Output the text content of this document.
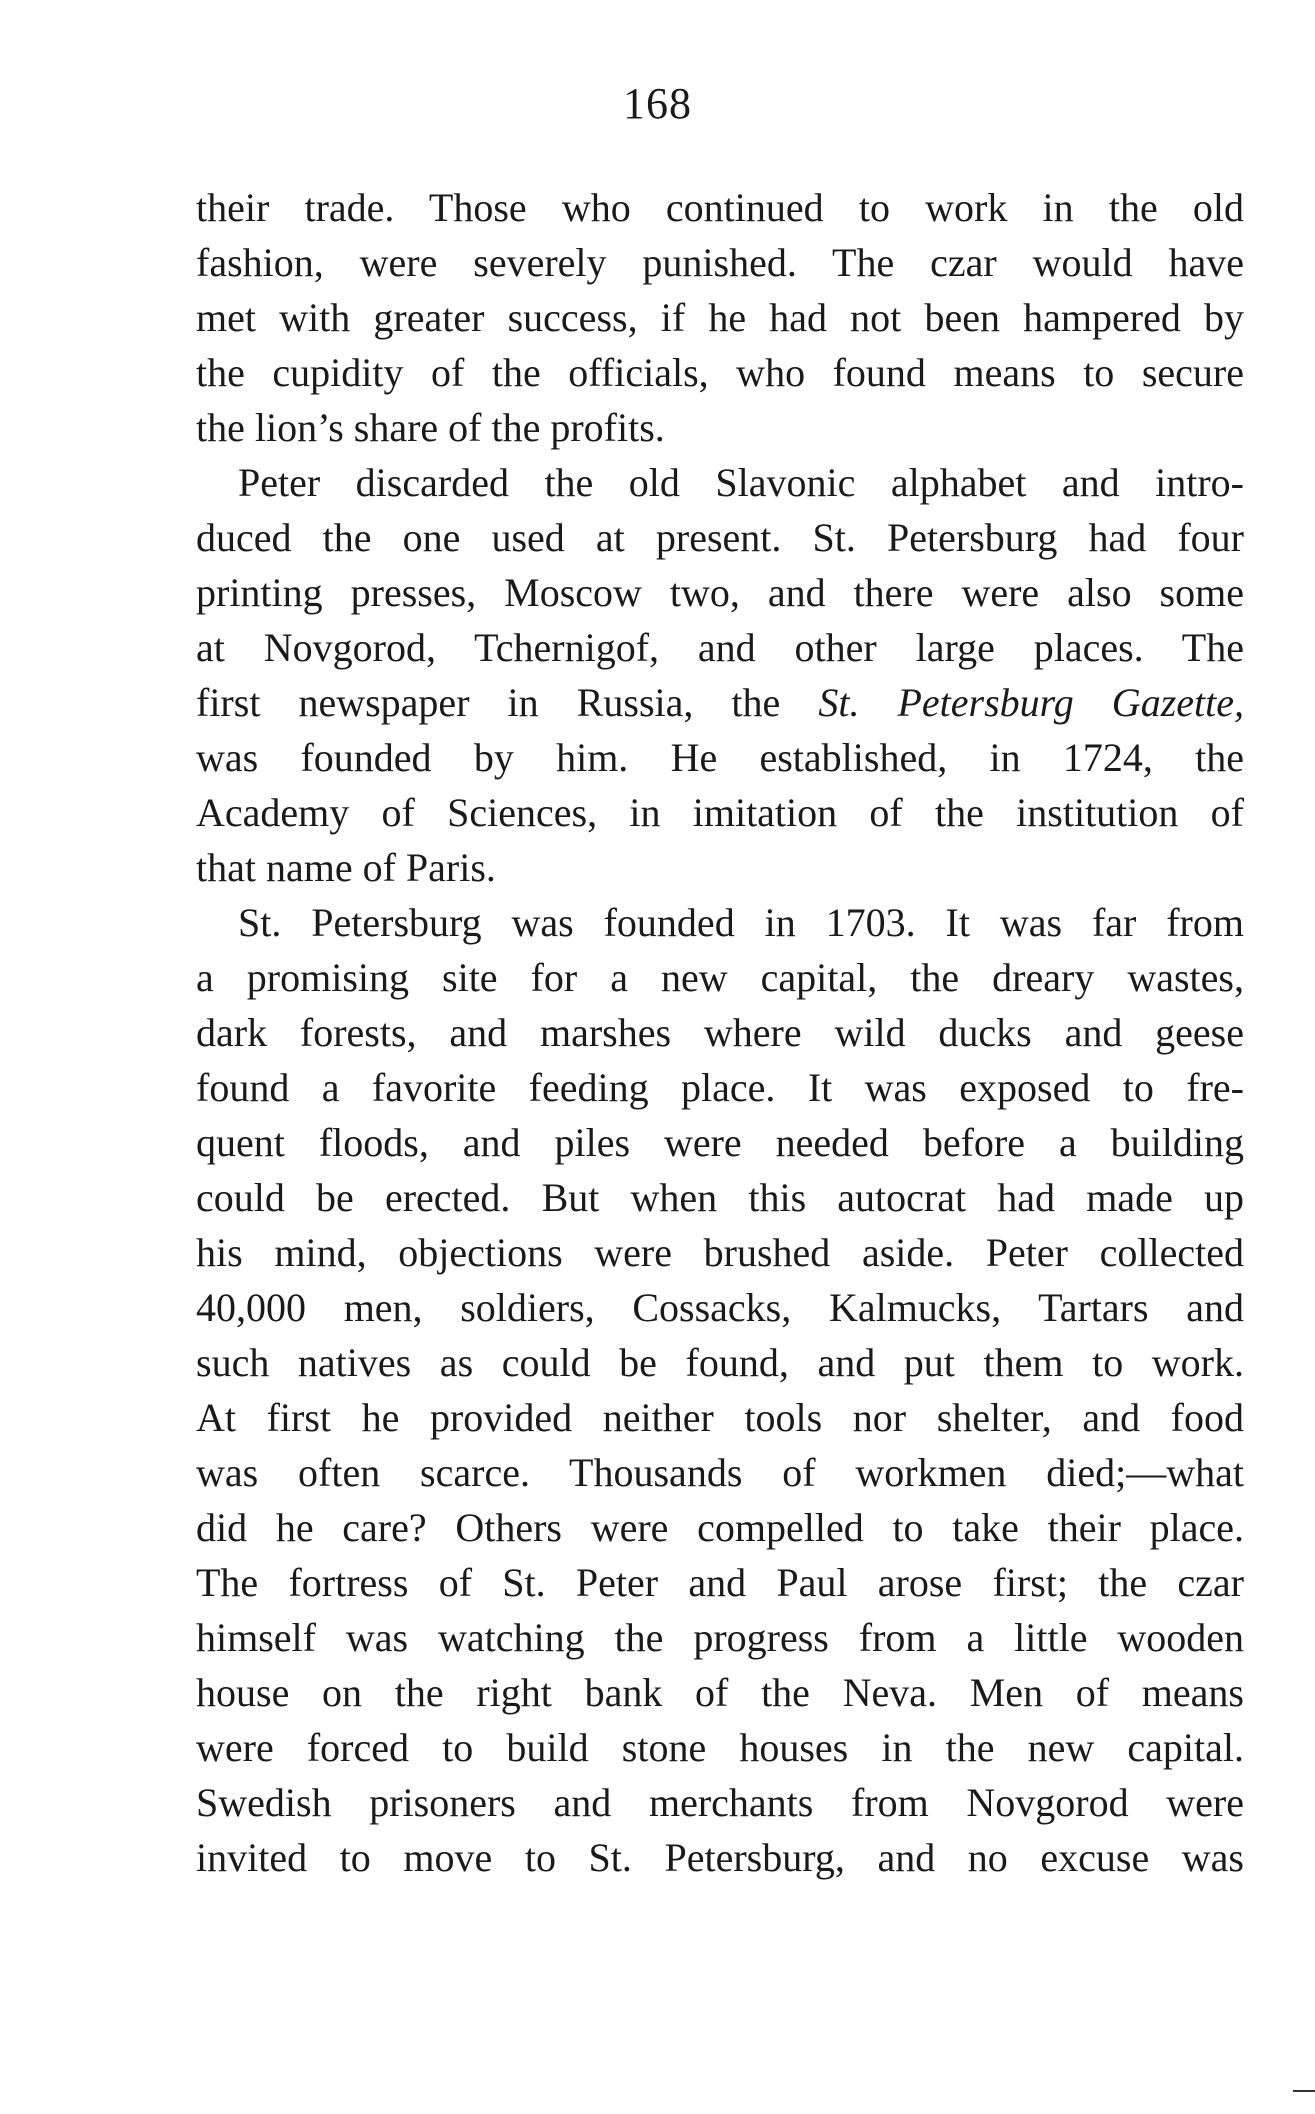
168
their trade. Those who continued to work in the old
fashion, were severely punished. The czar would have
met with greater success, if he had not been hampered by
the cupidity of the officials, who found means to secure
the lion’s share of the profits.
Peter discarded the old Slavonic alphabet and intro-
duced the one used at present. St. Petersburg had four
printing presses, Moscow two, and there were also some
at Novgorod, Tchernigof, and other large places. The
first newspaper in Russia, the St. Petersburg Gazette,
was founded by him. He established, in 1724, the
Academy of Sciences, in imitation of the institution of
that name of Paris.
St. Petersburg was founded in 1703. It was far from
a promising site for a new capital, the dreary wastes,
dark forests, and marshes where wild ducks and geese
found a favorite feeding place. It was exposed to fre-
quent floods, and piles were needed before a building
could be erected. But when this autocrat had made up
his mind, objections were brushed aside. Peter collected
40,000 men, soldiers, Cossacks, Kalmucks, Tartars and
such natives as could be found, and put them to work.
At first he provided neither tools nor shelter, and food
was often scarce. Thousands of workmen died;—what
did he care? Others were compelled to take their place.
The fortress of St. Peter and Paul arose first; the czar
himself was watching the progress from a little wooden
house on the right bank of the Neva. Men of means
were forced to build stone houses in the new capital.
Swedish prisoners and merchants from Novgorod were
invited to move to St. Petersburg, and no excuse was
